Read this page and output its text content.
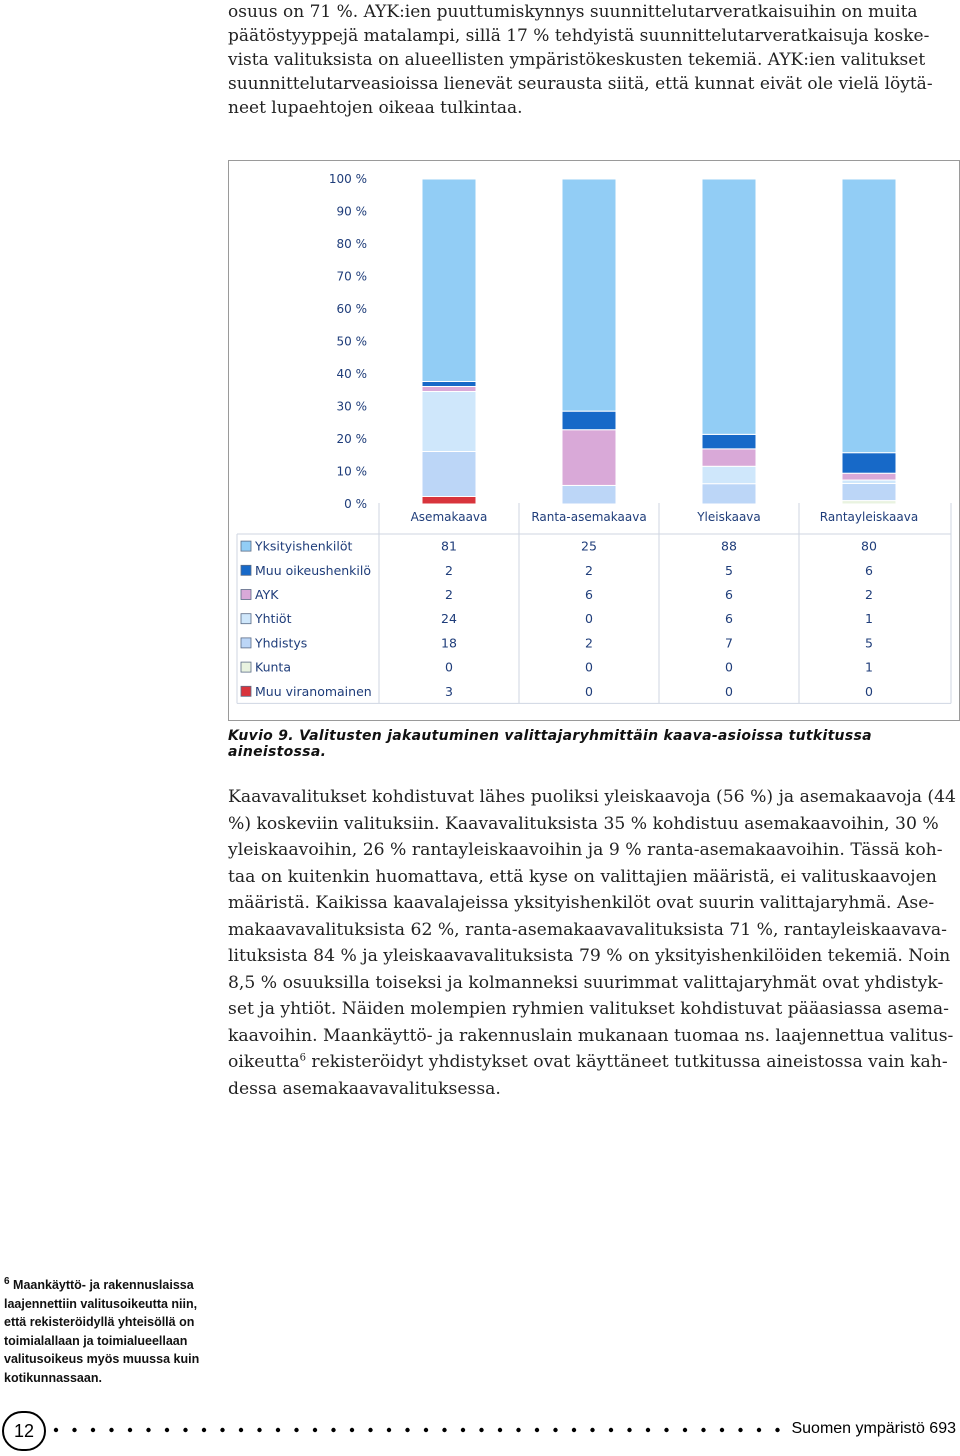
osuus on 71 %. AYK:ien puuttumiskynnys suunnittelutarveratkaisuihin on muita
päätöstyyppejä matalampi, sillä 17 % tehdyistä suunnittelutarveratkaisuja koske-
vista valituksista on alueellisten ympäristökeskusten tekemiä. AYK:ien valitukset
suunnittelutarveasioissa lienevät seurausta siitä, että kunnat eivät ole vielä löytä-
neet lupaehtojen oikeaa tulkintaa.
0 %
10 %
20 %
30 %
40 %
50 %
60 %
70 %
80 %
90 %
100 %
Asemakaava	Ranta-asemakaava	Yleiskaava	Rantayleiskaava
Yksityishenkilöt	81	25	88	80
Muu oikeushenkilö	2	2	5	6
AYK	2	6	6	2
Yhtiöt	24	0	6	1
Yhdistys	18	2	7	5
Kunta	0	0	0	1
Muu viranomainen	3	0	0	0
Kuvio 9. Valitusten jakautuminen valittajaryhmittäin kaava-asioissa tutkitussa aineistossa.
Kaavavalitukset kohdistuvat lähes puoliksi yleiskaavoja (56 %) ja asemakaavoja (44
%) koskeviin valituksiin. Kaavavalituksista 35 % kohdistuu asemakaavoihin, 30 %
yleiskaavoihin, 26 % rantayleiskaavoihin ja 9 % ranta-asemakaavoihin. Tässä koh-
taa on kuitenkin huomattava, että kyse on valittajien määristä, ei valituskaavojen
määristä. Kaikissa kaavalajeissa yksityishenkilöt ovat suurin valittajaryhmä. Ase-
makaavavalituksista 62 %, ranta-asemakaavavalituksista 71 %, rantayleiskaavava-
lituksista 84 % ja yleiskaavavalituksista 79 % on yksityishenkilöiden tekemiä. Noin
8,5 % osuuksilla toiseksi ja kolmanneksi suurimmat valittajaryhmät ovat yhdistyk-
set ja yhtiöt. Näiden molempien ryhmien valitukset kohdistuvat pääasiassa asema-
kaavoihin. Maankäyttö- ja rakennuslain mukanaan tuomaa ns. laajennettua valitus-
oikeutta$^6$ rekisteröidyt yhdistykset ovat käyttäneet tutkitussa aineistossa vain kah-
dessa asemakaavavalituksessa.
$^6$ Maankäyttö- ja rakennuslaissa
laajennettiin valitusoikeutta niin,
että rekisteröidyllä yhteisöllä on
toimialallaan ja toimialueellaan
valitusoikeus myös muussa kuin
kotikunnassaan.
12	Suomen ympäristö 693
